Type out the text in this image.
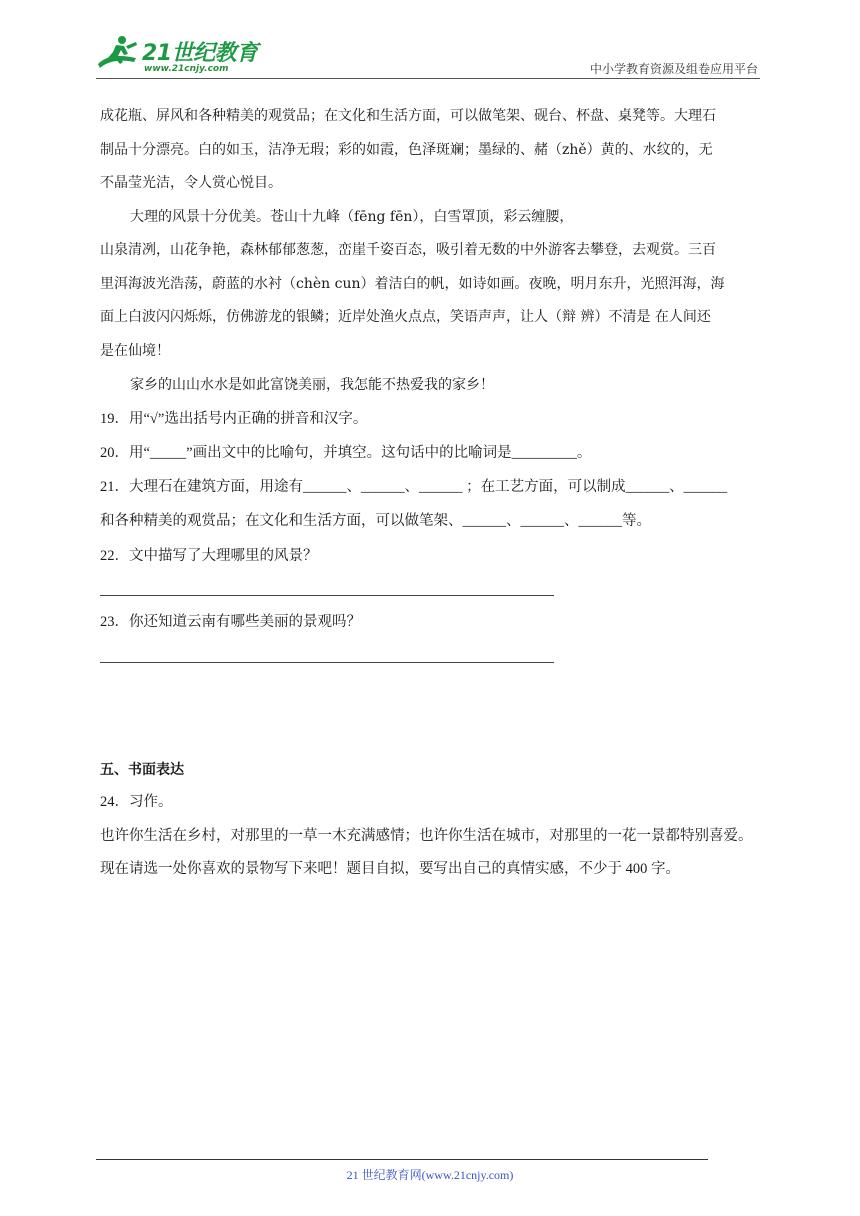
21世纪教育
www.21cnjy.com	中小学教育资源及组卷应用平台
成花瓶、屏风和各种精美的观赏品；在文化和生活方面，可以做笔架、砚台、杯盘、桌凳等。大理石
制品十分漂亮。白的如玉，洁净无瑕；彩的如霞，色泽斑斓；墨绿的、赭（zhě）黄的、水纹的，无
不晶莹光洁，令人赏心悦目。
大理的风景十分优美。苍山十九峰（fēng fēn），白雪罩顶，彩云缠腰，
山泉清冽，山花争艳，森林郁郁葱葱，峦崖千姿百态，吸引着无数的中外游客去攀登，去观赏。三百
里洱海波光浩荡，蔚蓝的水衬（chèn cun）着洁白的帆，如诗如画。夜晚，明月东升，光照洱海，海
面上白波闪闪烁烁，仿佛游龙的银鳞；近岸处渔火点点，笑语声声，让人（辩 辨）不清是 在人间还
是在仙境！
家乡的山山水水是如此富饶美丽，我怎能不热爱我的家乡！
19．用“√”选出括号内正确的拼音和汉字。
20．用“_____”画出文中的比喻句，并填空。这句话中的比喻词是_________。
21．大理石在建筑方面，用途有______、______、______ ；在工艺方面，可以制成______、______
和各种精美的观赏品；在文化和生活方面，可以做笔架、______、______、______等。
22．文中描写了大理哪里的风景？
23．你还知道云南有哪些美丽的景观吗？
五、书面表达
24．习作。
也许你生活在乡村，对那里的一草一木充满感情；也许你生活在城市，对那里的一花一景都特别喜爱。
现在请选一处你喜欢的景物写下来吧！题目自拟，要写出自己的真情实感，不少于 400 字。
21 世纪教育网(www.21cnjy.com)
